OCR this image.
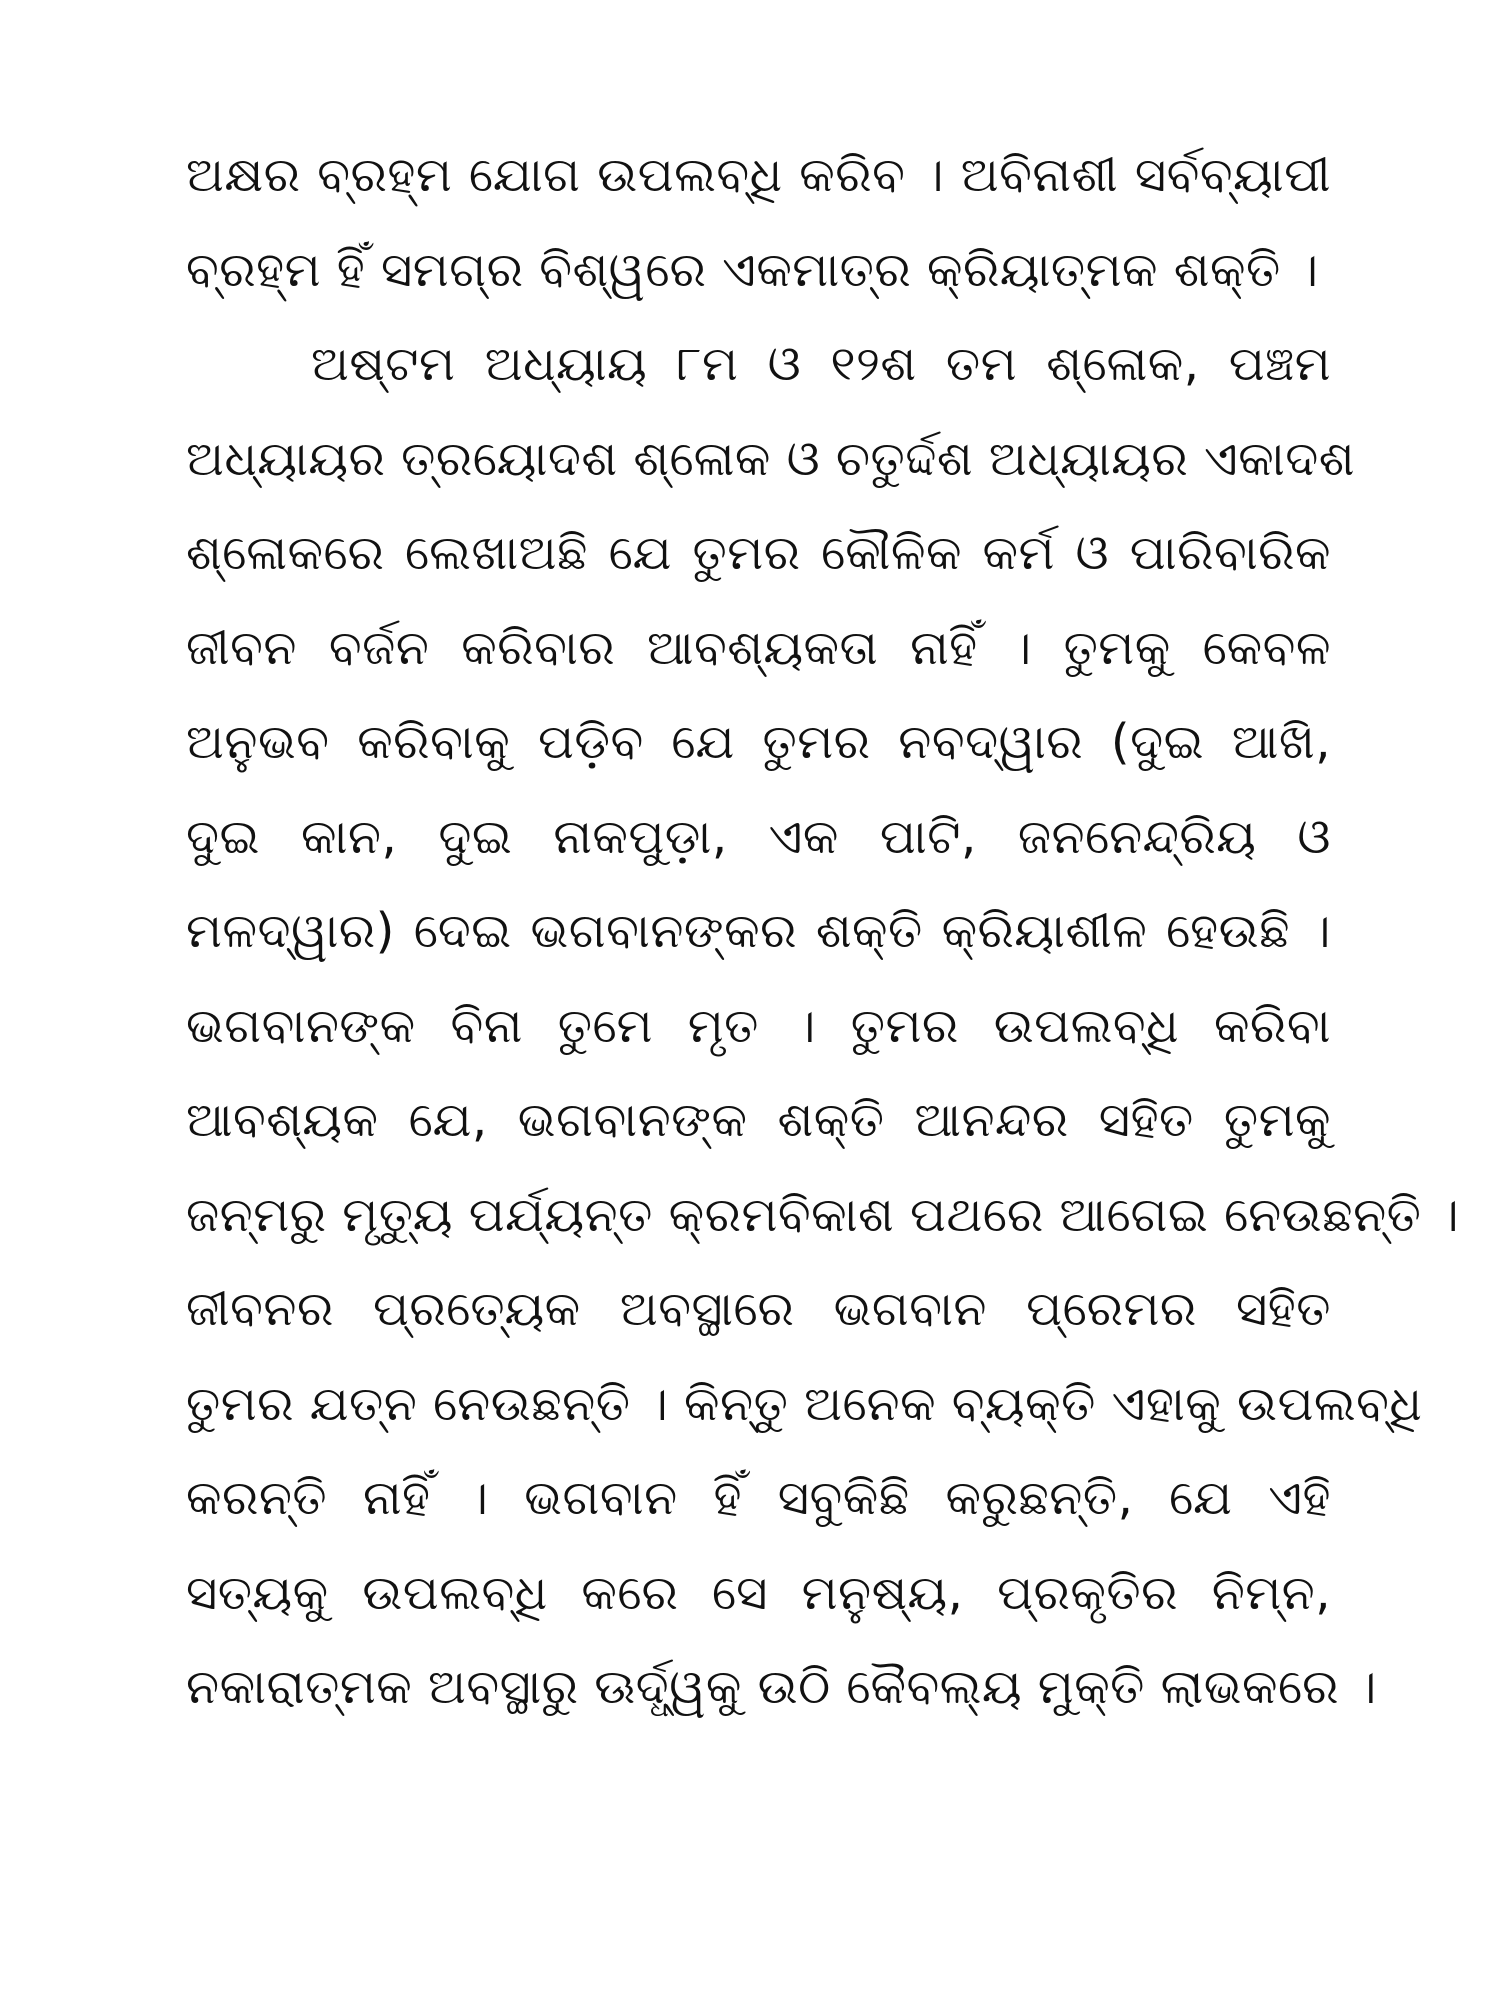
ଅକ୍ଷର ବ୍ରହ୍ମ ଯୋଗ ଉପଲବ୍ଧି କରିବ । ଅବିନାଶୀ ସର୍ବବ୍ୟାପୀ
ବ୍ରହ୍ମ ହିଁ ସମଗ୍ର ବିଶ୍ୱରେ ଏକମାତ୍ର କ୍ରିୟାତ୍ମକ ଶକ୍ତି ।
ଅଷ୍ଟମ ଅଧ୍ୟାୟ ୮ମ ଓ ୧୨ଶ ତମ ଶ୍ଳୋକ, ପଞ୍ଚମ
ଅଧ୍ୟାୟର ତ୍ରୟୋଦଶ ଶ୍ଳୋକ ଓ ଚତୁର୍ଦ୍ଦଶ ଅଧ୍ୟାୟର ଏକାଦଶ
ଶ୍ଳୋକରେ ଲେଖାଅଛି ଯେ ତୁମର କୌଳିକ କର୍ମ ଓ ପାରିବାରିକ
ଜୀବନ ବର୍ଜନ କରିବାର ଆବଶ୍ୟକତା ନାହିଁ । ତୁମକୁ କେବଳ
ଅନୁଭବ କରିବାକୁ ପଡ଼ିବ ଯେ ତୁମର ନବଦ୍ୱାର (ଦୁଇ ଆଖି,
ଦୁଇ କାନ, ଦୁଇ ନାକପୁଡ଼ା, ଏକ ପାଟି, ଜନନେନ୍ଦ୍ରିୟ ଓ
ମଳଦ୍ୱାର) ଦେଇ ଭଗବାନଙ୍କର ଶକ୍ତି କ୍ରିୟାଶୀଳ ହେଉଛି ।
ଭଗବାନଙ୍କ ବିନା ତୁମେ ମୃତ । ତୁମର ଉପଲବ୍ଧି କରିବା
ଆବଶ୍ୟକ ଯେ, ଭଗବାନଙ୍କ ଶକ୍ତି ଆନନ୍ଦର ସହିତ ତୁମକୁ
ଜନ୍ମରୁ ମୃତ୍ୟୁ ପର୍ଯ୍ୟନ୍ତ କ୍ରମବିକାଶ ପଥରେ ଆଗେଇ ନେଉଛନ୍ତି ।
ଜୀବନର ପ୍ରତ୍ୟେକ ଅବସ୍ଥାରେ ଭଗବାନ ପ୍ରେମର ସହିତ
ତୁମର ଯତ୍ନ ନେଉଛନ୍ତି । କିନ୍ତୁ ଅନେକ ବ୍ୟକ୍ତି ଏହାକୁ ଉପଲବ୍ଧି
କରନ୍ତି ନାହିଁ । ଭଗବାନ ହିଁ ସବୁକିଛି କରୁଛନ୍ତି, ଯେ ଏହି
ସତ୍ୟକୁ ଉପଲବ୍ଧି କରେ ସେ ମନୁଷ୍ୟ, ପ୍ରକୃତିର ନିମ୍ନ,
ନକାରାତ୍ମକ ଅବସ୍ଥାରୁ ଊର୍ଦ୍ଧ୍ୱକୁ ଉଠି କୈବଲ୍ୟ ମୁକ୍ତି ଲାଭକରେ ।
